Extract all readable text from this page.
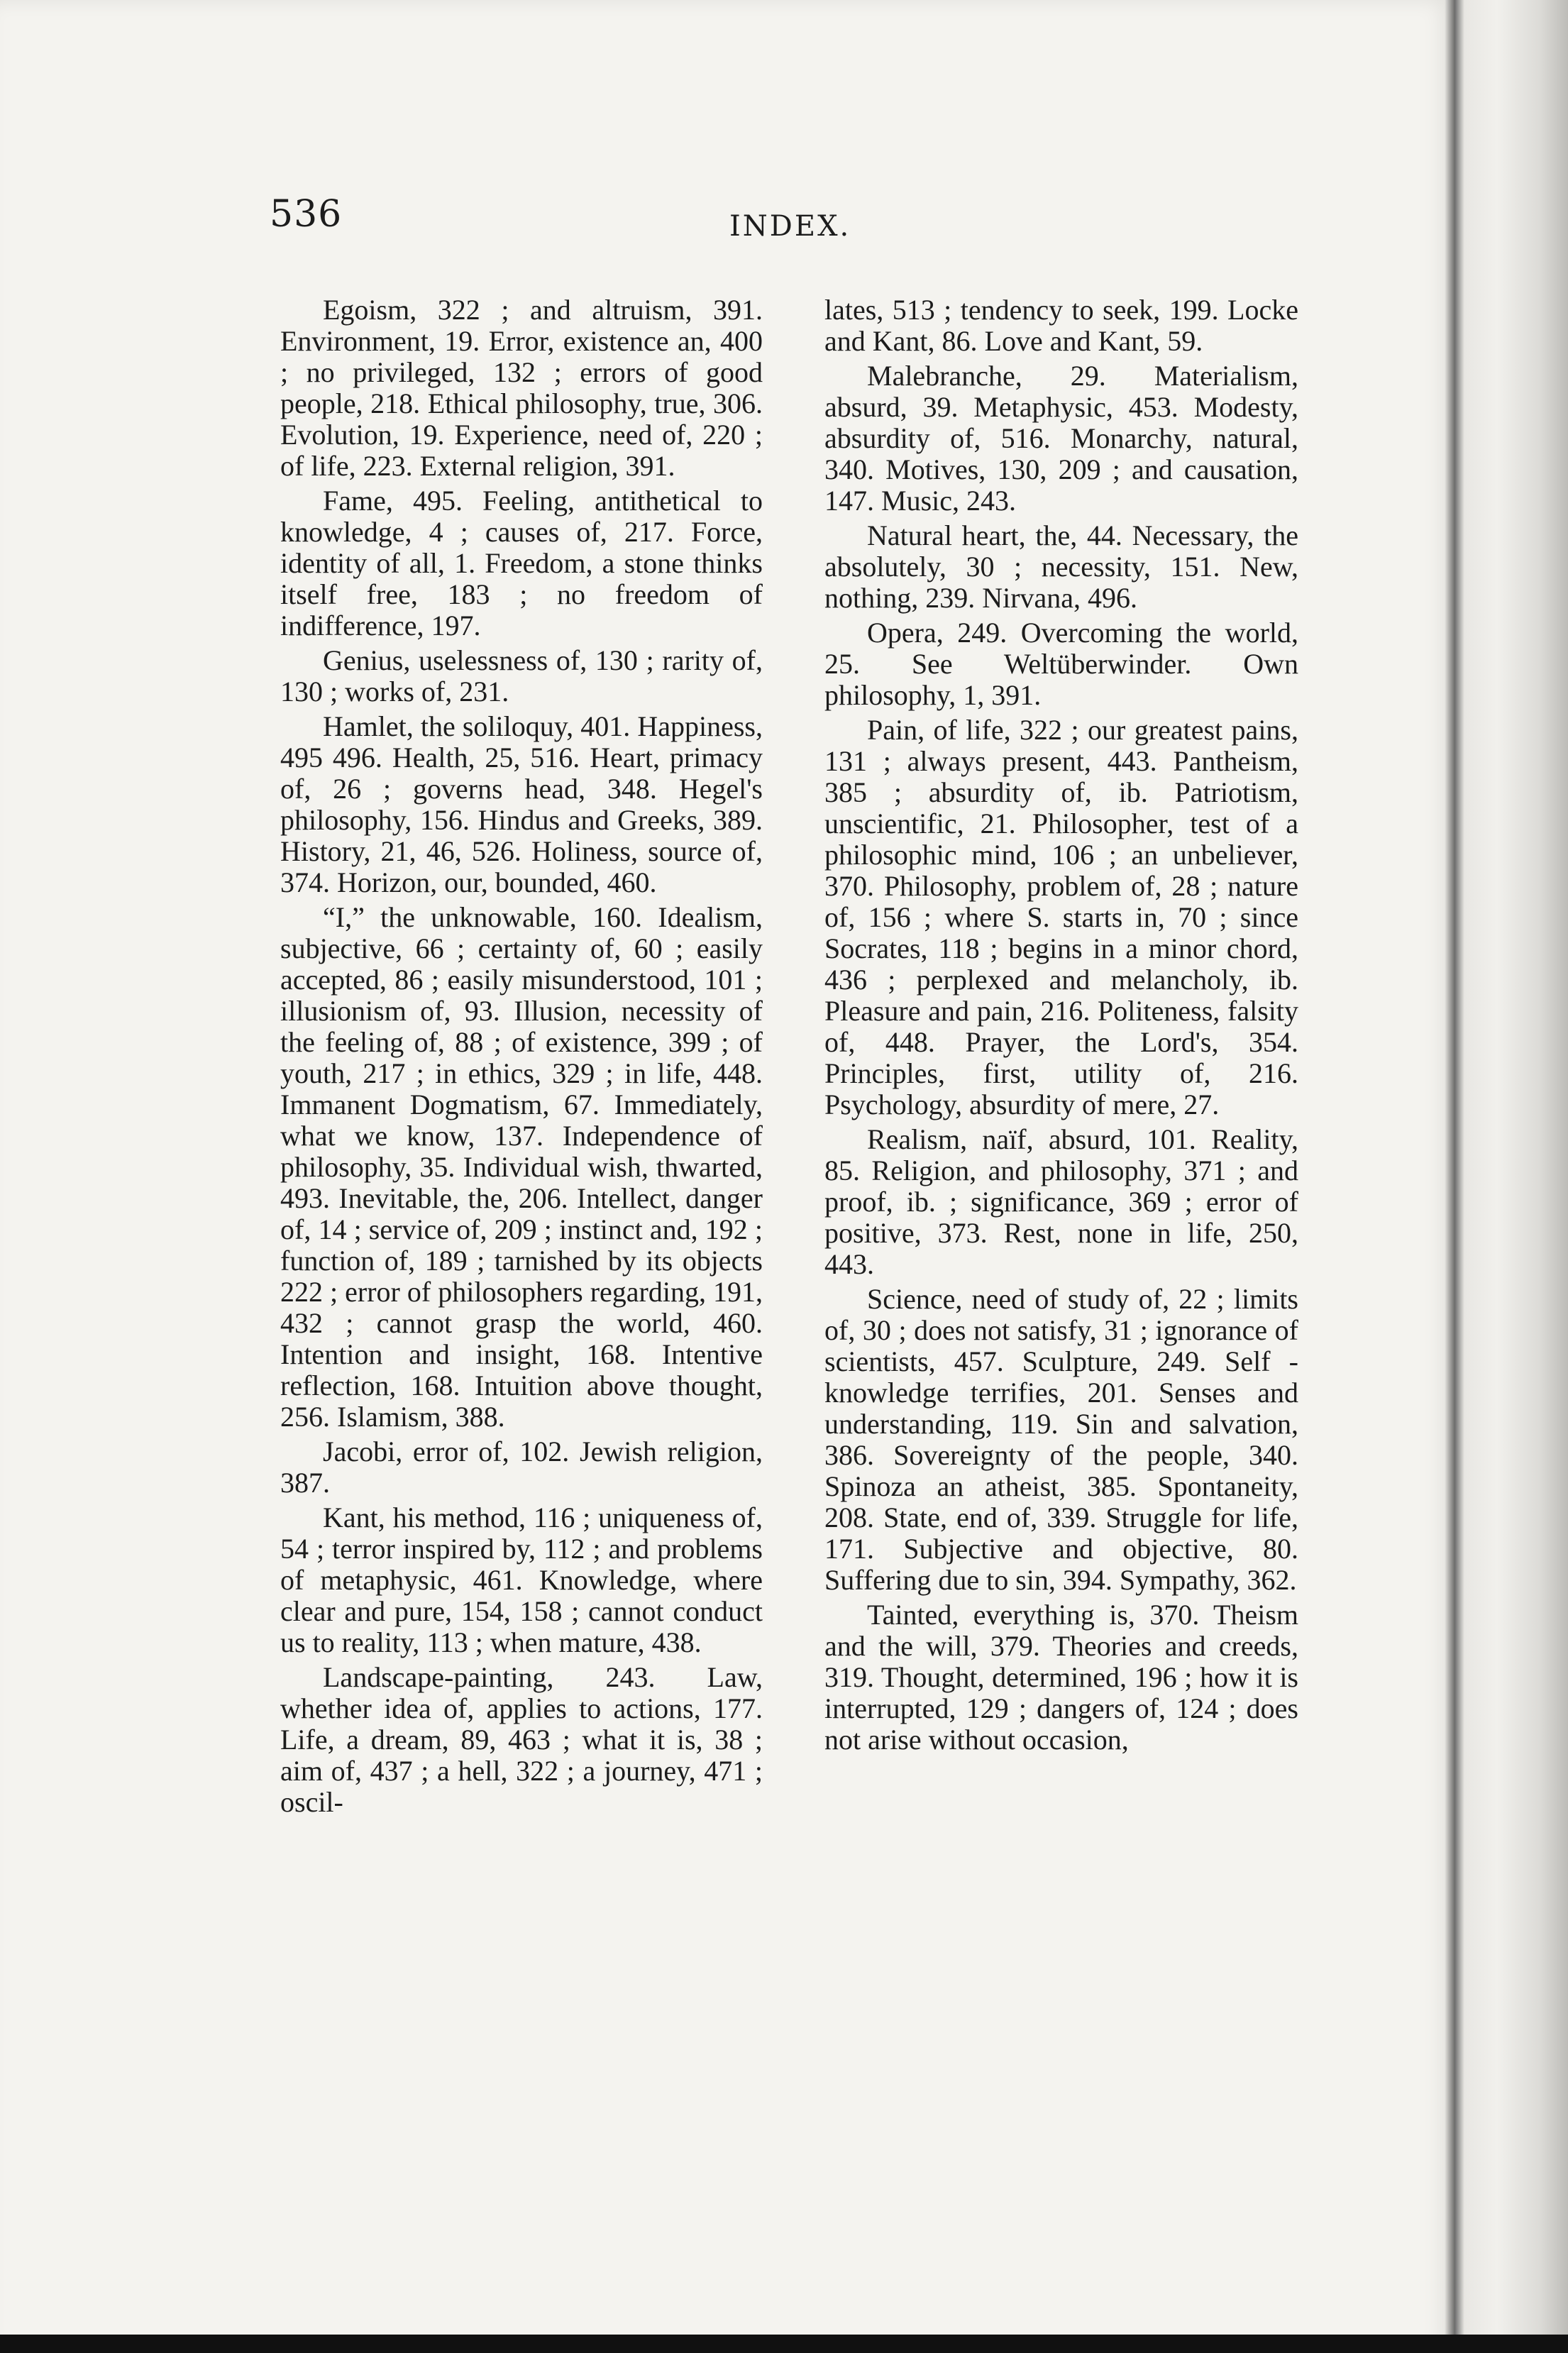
536	INDEX.

Egoism, 322 ; and altruism, 391. Environment, 19. Error, existence an, 400 ; no privileged, 132 ; errors of good people, 218. Ethical philosophy, true, 306. Evolution, 19. Experience, need of, 220 ; of life, 223. External religion, 391.

Fame, 495. Feeling, antithetical to knowledge, 4 ; causes of, 217. Force, identity of all, 1. Freedom, a stone thinks itself free, 183 ; no freedom of indifference, 197.

Genius, uselessness of, 130 ; rarity of, 130 ; works of, 231.

Hamlet, the soliloquy, 401. Happiness, 495 496. Health, 25, 516. Heart, primacy of, 26 ; governs head, 348. Hegel's philosophy, 156. Hindus and Greeks, 389. History, 21, 46, 526. Holiness, source of, 374. Horizon, our, bounded, 460.

“I,” the unknowable, 160. Idealism, subjective, 66 ; certainty of, 60 ; easily accepted, 86 ; easily misunderstood, 101 ; illusionism of, 93. Illusion, necessity of the feeling of, 88 ; of existence, 399 ; of youth, 217 ; in ethics, 329 ; in life, 448. Immanent Dogmatism, 67. Immediately, what we know, 137. Independence of philosophy, 35. Individual wish, thwarted, 493. Inevitable, the, 206. Intellect, danger of, 14 ; service of, 209 ; instinct and, 192 ; function of, 189 ; tarnished by its objects 222 ; error of philosophers regarding, 191, 432 ; cannot grasp the world, 460. Intention and insight, 168. Intentive reflection, 168. Intuition above thought, 256. Islamism, 388.

Jacobi, error of, 102. Jewish religion, 387.

Kant, his method, 116 ; uniqueness of, 54 ; terror inspired by, 112 ; and problems of metaphysic, 461. Knowledge, where clear and pure, 154, 158 ; cannot conduct us to reality, 113 ; when mature, 438.

Landscape-painting, 243. Law, whether idea of, applies to actions, 177. Life, a dream, 89, 463 ; what it is, 38 ; aim of, 437 ; a hell, 322 ; a journey, 471 ; oscil-

lates, 513 ; tendency to seek, 199. Locke and Kant, 86. Love and Kant, 59.

Malebranche, 29. Materialism, absurd, 39. Metaphysic, 453. Modesty, absurdity of, 516. Monarchy, natural, 340. Motives, 130, 209 ; and causation, 147. Music, 243.

Natural heart, the, 44. Necessary, the absolutely, 30 ; necessity, 151. New, nothing, 239. Nirvana, 496.

Opera, 249. Overcoming the world, 25. See Weltüberwinder. Own philosophy, 1, 391.

Pain, of life, 322 ; our greatest pains, 131 ; always present, 443. Pantheism, 385 ; absurdity of, ib. Patriotism, unscientific, 21. Philosopher, test of a philosophic mind, 106 ; an unbeliever, 370. Philosophy, problem of, 28 ; nature of, 156 ; where S. starts in, 70 ; since Socrates, 118 ; begins in a minor chord, 436 ; perplexed and melancholy, ib. Pleasure and pain, 216. Politeness, falsity of, 448. Prayer, the Lord's, 354. Principles, first, utility of, 216. Psychology, absurdity of mere, 27.

Realism, naïf, absurd, 101. Reality, 85. Religion, and philosophy, 371 ; and proof, ib. ; significance, 369 ; error of positive, 373. Rest, none in life, 250, 443.

Science, need of study of, 22 ; limits of, 30 ; does not satisfy, 31 ; ignorance of scientists, 457. Sculpture, 249. Self - knowledge terrifies, 201. Senses and understanding, 119. Sin and salvation, 386. Sovereignty of the people, 340. Spinoza an atheist, 385. Spontaneity, 208. State, end of, 339. Struggle for life, 171. Subjective and objective, 80. Suffering due to sin, 394. Sympathy, 362.

Tainted, everything is, 370. Theism and the will, 379. Theories and creeds, 319. Thought, determined, 196 ; how it is interrupted, 129 ; dangers of, 124 ; does not arise without occasion,
